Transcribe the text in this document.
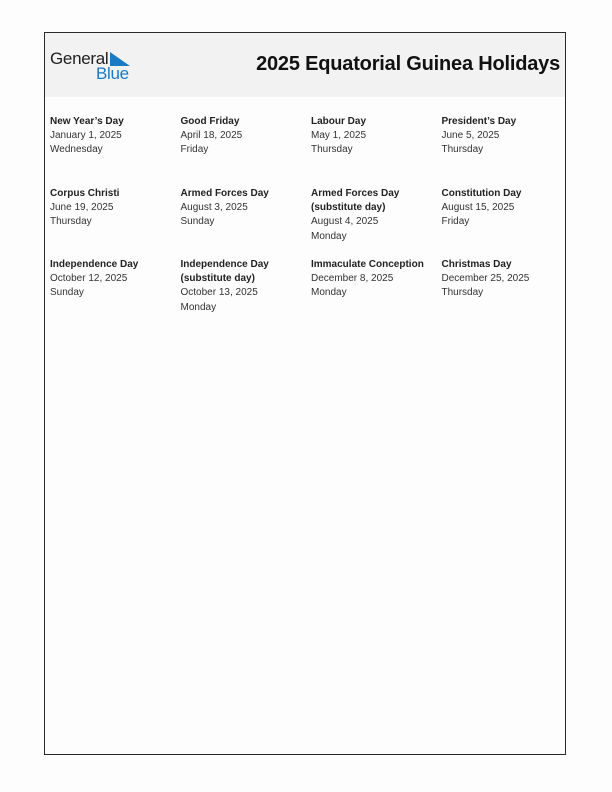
General
Blue	2025 Equatorial Guinea Holidays
New Year’s Day
January 1, 2025
Wednesday
Good Friday
April 18, 2025
Friday
Labour Day
May 1, 2025
Thursday
President’s Day
June 5, 2025
Thursday
Corpus Christi
June 19, 2025
Thursday
Armed Forces Day
August 3, 2025
Sunday
Armed Forces Day
(substitute day)
August 4, 2025
Monday
Constitution Day
August 15, 2025
Friday
Independence Day
October 12, 2025
Sunday
Independence Day
(substitute day)
October 13, 2025
Monday
Immaculate Conception
December 8, 2025
Monday
Christmas Day
December 25, 2025
Thursday
